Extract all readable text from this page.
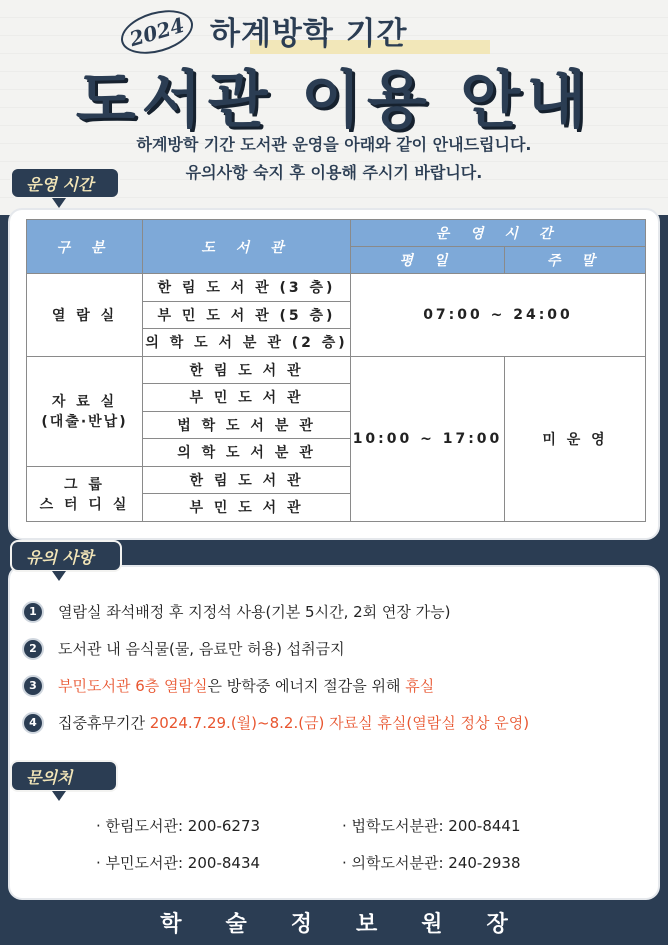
2024 하계방학 기간
도서관 이용 안내
하계방학 기간 도서관 운영을 아래와 같이 안내드립니다.
유의사항 숙지 후 이용해 주시기 바랍니다.
운영 시간
구 분	도 서 관	운 영 시 간	
		평 일	주 말
열 람 실	한 림 도 서 관 (3 층)	07:00 ~ 24:00	
	부 민 도 서 관 (5 층)		
	의 학 도 서 분 관 (2 층)		

자 료 실
(대출·반납)	한 림 도 서 관	10:00 ~ 17:00	미 운 영
	부 민 도 서 관		
	법 학 도 서 분 관		
	의 학 도 서 분 관		

그 룹
스 터 디 실	한 림 도 서 관		
	부 민 도 서 관		
유의 사항
1	열람실 좌석배정 후 지정석 사용(기본 5시간, 2회 연장 가능)
2	도서관 내 음식물(물, 음료만 허용) 섭취금지
3	부민도서관 6층 열람실 은 방학중 에너지 절감을 위해 휴실
4	집중휴무기간 2024.7.29.(월)~8.2.(금) 자료실 휴실(열람실 정상 운영)
문의처
· 한림도서관: 200-6273	· 법학도서분관: 200-8441
· 부민도서관: 200-8434	· 의학도서분관: 240-2938
학술정보원장
